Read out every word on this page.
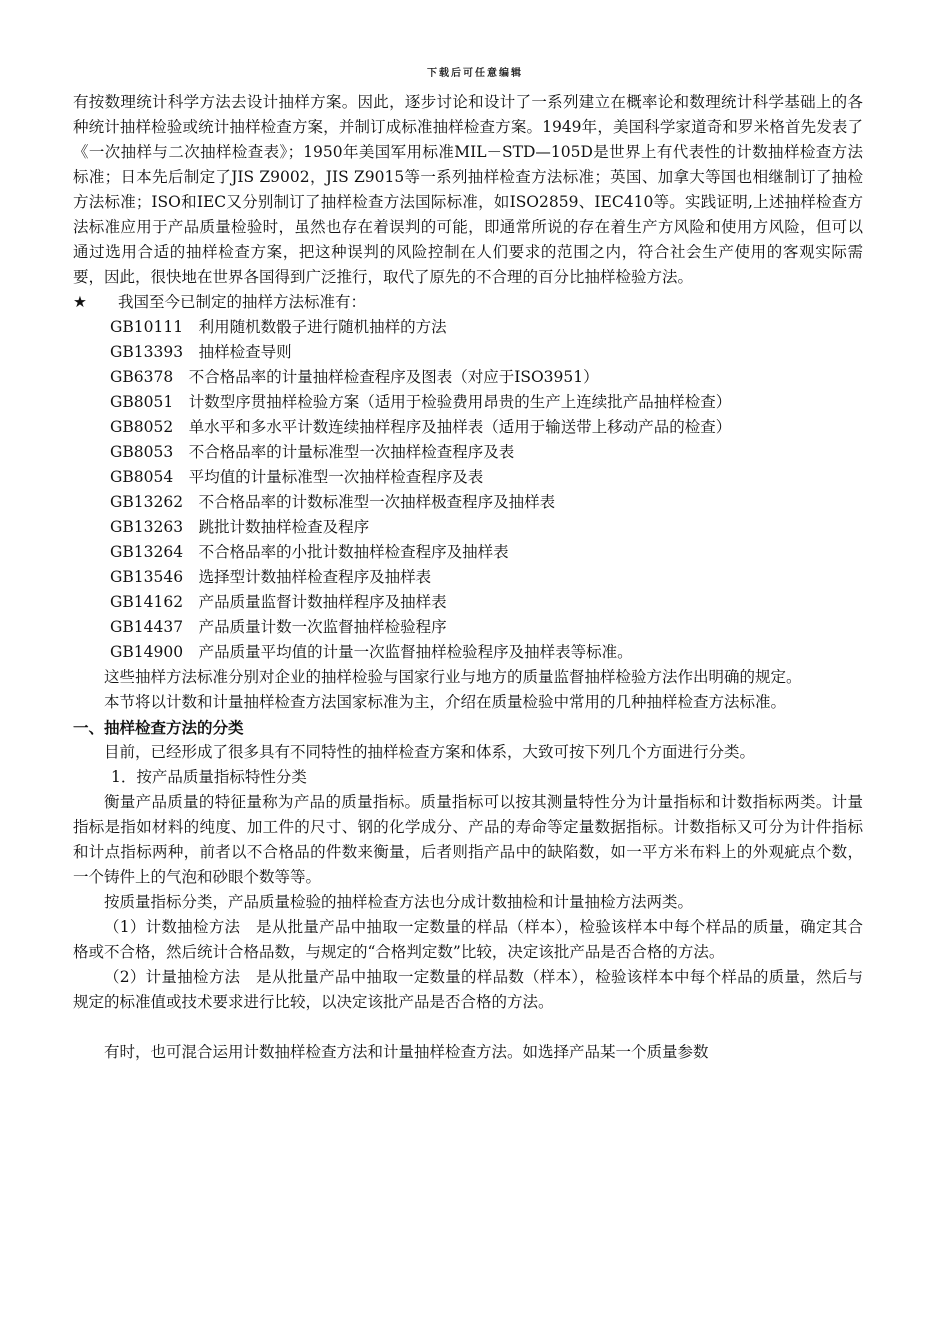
下载后可任意编辑

有按数理统计科学方法去设计抽样方案。因此，逐步讨论和设计了一系列建立在概率论和数理统计科学基础上的各种统计抽样检验或统计抽样检查方案，并制订成标准抽样检查方案。1949年，美国科学家道奇和罗米格首先发表了《一次抽样与二次抽样检查表》；1950年美国军用标准MIL－STD—105D是世界上有代表性的计数抽样检查方法标准；日本先后制定了JIS Z9002，JIS Z9015等一系列抽样检查方法标准；英国、加拿大等国也相继制订了抽检方法标准；ISO和IEC又分别制订了抽样检查方法国际标准，如ISO2859、IEC410等。实践证明,上述抽样检查方法标准应用于产品质量检验时，虽然也存在着误判的可能，即通常所说的存在着生产方风险和使用方风险，但可以通过选用合适的抽样检查方案，把这种误判的风险控制在人们要求的范围之内，符合社会生产使用的客观实际需要，因此，很快地在世界各国得到广泛推行，取代了原先的不合理的百分比抽样检验方法。

★ 我国至今已制定的抽样方法标准有：
GB10111　 利用随机数骰子进行随机抽样的方法
GB13393　 抽样检查导则
GB6378　 不合格品率的计量抽样检查程序及图表（对应于ISO3951）
GB8051　 计数型序贯抽样检验方案（适用于检验费用昂贵的生产上连续批产品抽样检查）
GB8052　 单水平和多水平计数连续抽样程序及抽样表（适用于输送带上移动产品的检查）
GB8053　 不合格品率的计量标准型一次抽样检查程序及表
GB8054　 平均值的计量标准型一次抽样检查程序及表
GB13262　 不合格品率的计数标准型一次抽样极查程序及抽样表
GB13263　 跳批计数抽样检查及程序
GB13264　 不合格品率的小批计数抽样检查程序及抽样表
GB13546　 选择型计数抽样检查程序及抽样表
GB14162　 产品质量监督计数抽样程序及抽样表
GB14437　 产品质量计数一次监督抽样检验程序
GB14900　 产品质量平均值的计量一次监督抽样检验程序及抽样表等标准。

这些抽样方法标准分别对企业的抽样检验与国家行业与地方的质量监督抽样检验方法作出明确的规定。

本节将以计数和计量抽样检查方法国家标准为主，介绍在质量检验中常用的几种抽样检查方法标准。

一、抽样检查方法的分类

目前，已经形成了很多具有不同特性的抽样检查方案和体系，大致可按下列几个方面进行分类。

1．按产品质量指标特性分类

衡量产品质量的特征量称为产品的质量指标。质量指标可以按其测量特性分为计量指标和计数指标两类。计量指标是指如材料的纯度、加工件的尺寸、钢的化学成分、产品的寿命等定量数据指标。计数指标又可分为计件指标和计点指标两种，前者以不合格品的件数来衡量，后者则指产品中的缺陷数，如一平方米布料上的外观疵点个数，一个铸件上的气泡和砂眼个数等等。

按质量指标分类，产品质量检验的抽样检查方法也分成计数抽检和计量抽检方法两类。

（1）计数抽检方法　是从批量产品中抽取一定数量的样品（样本），检验该样本中每个样品的质量，确定其合格或不合格，然后统计合格品数，与规定的“合格判定数”比较，决定该批产品是否合格的方法。

（2）计量抽检方法　是从批量产品中抽取一定数量的样品数（样本），检验该样本中每个样品的质量，然后与规定的标准值或技术要求进行比较，以决定该批产品是否合格的方法。

有时，也可混合运用计数抽样检查方法和计量抽样检查方法。如选择产品某一个质量参数
